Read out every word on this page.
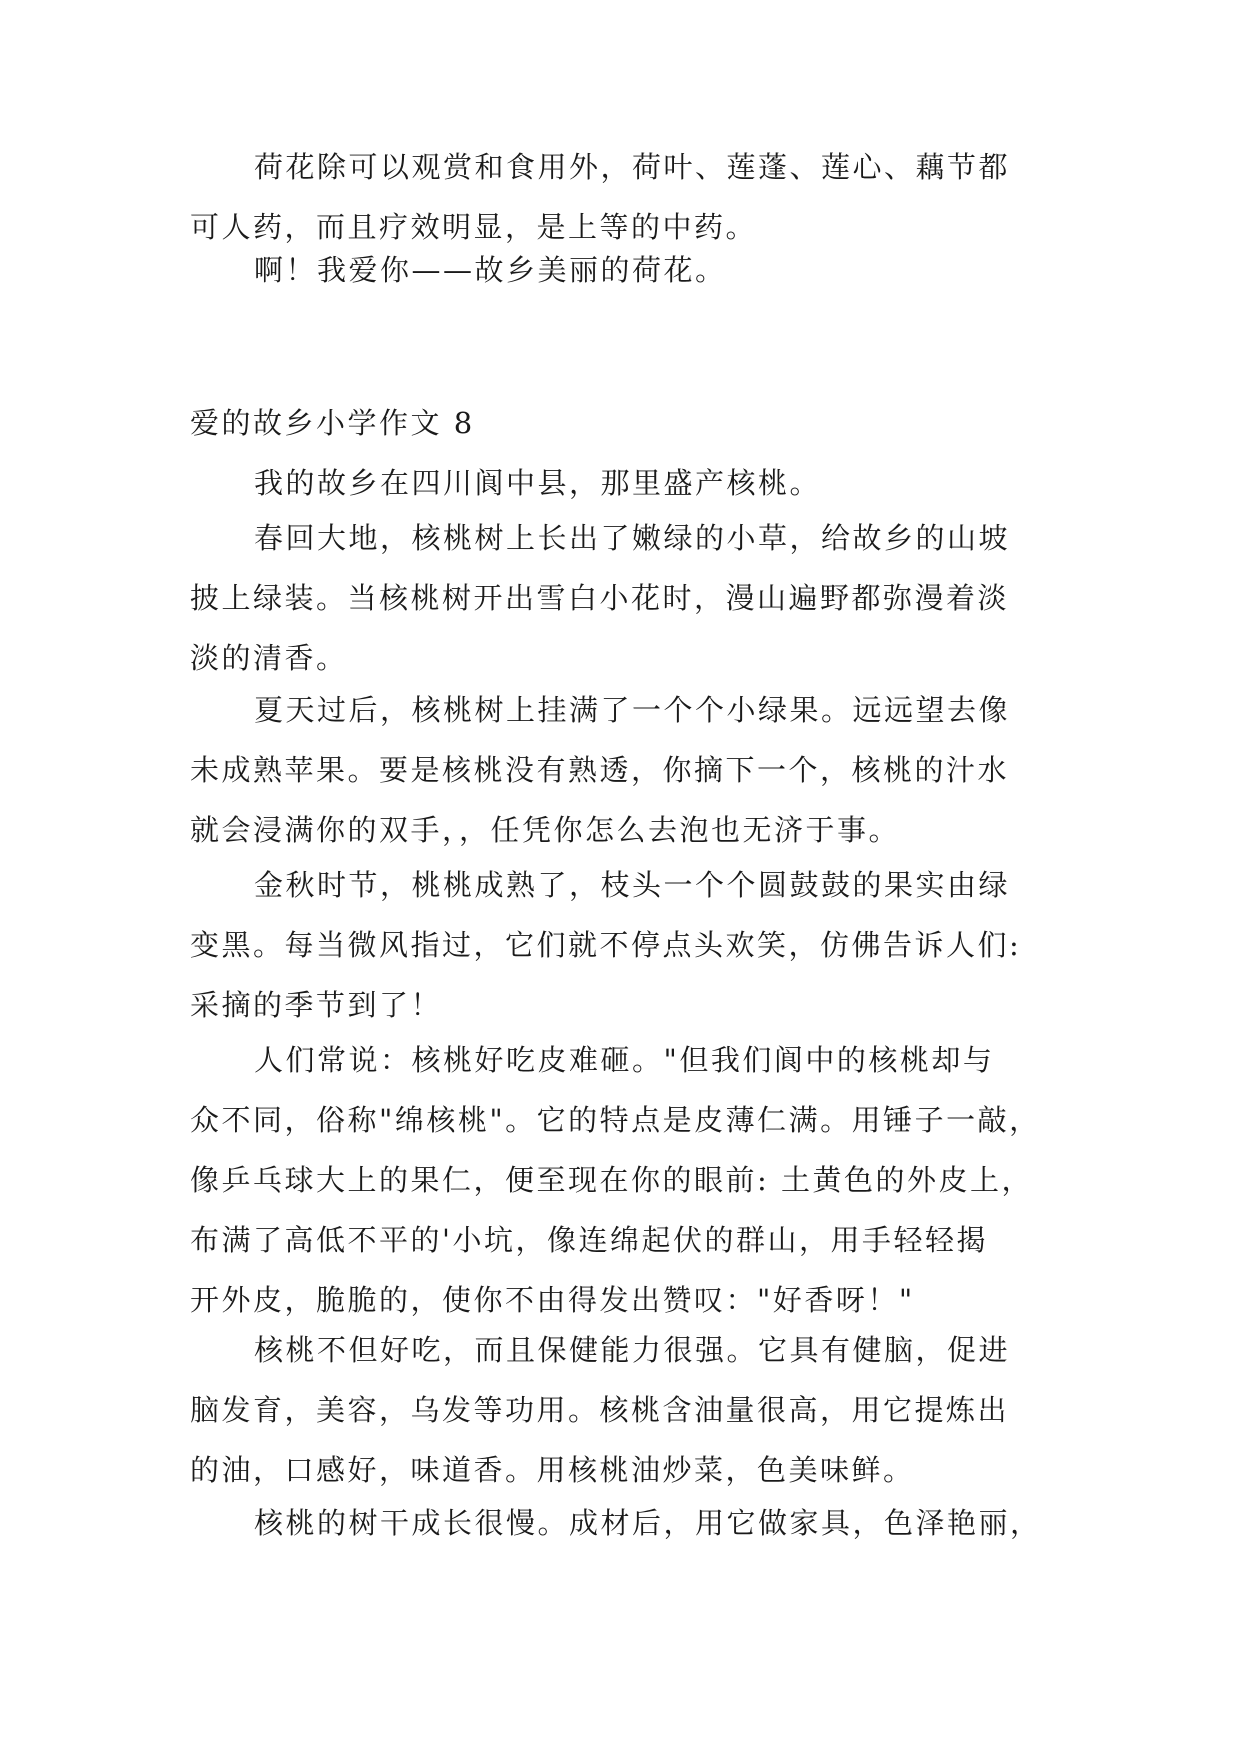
荷花除可以观赏和食用外，荷叶、莲蓬、莲心、藕节都
可人药，而且疗效明显，是上等的中药。

啊！我爱你——故乡美丽的荷花。

爱的故乡小学作文 8

我的故乡在四川阆中县，那里盛产核桃。

春回大地，核桃树上长出了嫩绿的小草，给故乡的山坡
披上绿装。当核桃树开出雪白小花时，漫山遍野都弥漫着淡
淡的清香。

夏天过后，核桃树上挂满了一个个小绿果。远远望去像
未成熟苹果。要是核桃没有熟透，你摘下一个，核桃的汁水
就会浸满你的双手，，任凭你怎么去泡也无济于事。

金秋时节，桃桃成熟了，枝头一个个圆鼓鼓的果实由绿
变黑。每当微风指过，它们就不停点头欢笑，仿佛告诉人们:
采摘的季节到了！

人们常说：核桃好吃皮难砸。"但我们阆中的核桃却与
众不同，俗称"绵核桃"。它的特点是皮薄仁满。用锤子一敲，
像乒乓球大上的果仁，便至现在你的眼前: 土黄色的外皮上，
布满了高低不平的'小坑，像连绵起伏的群山，用手轻轻揭
开外皮，脆脆的，使你不由得发出赞叹："好香呀！"

核桃不但好吃，而且保健能力很强。它具有健脑，促进
脑发育，美容，乌发等功用。核桃含油量很高，用它提炼出
的油，口感好，味道香。用核桃油炒菜，色美味鲜。

核桃的树干成长很慢。成材后，用它做家具，色泽艳丽，
